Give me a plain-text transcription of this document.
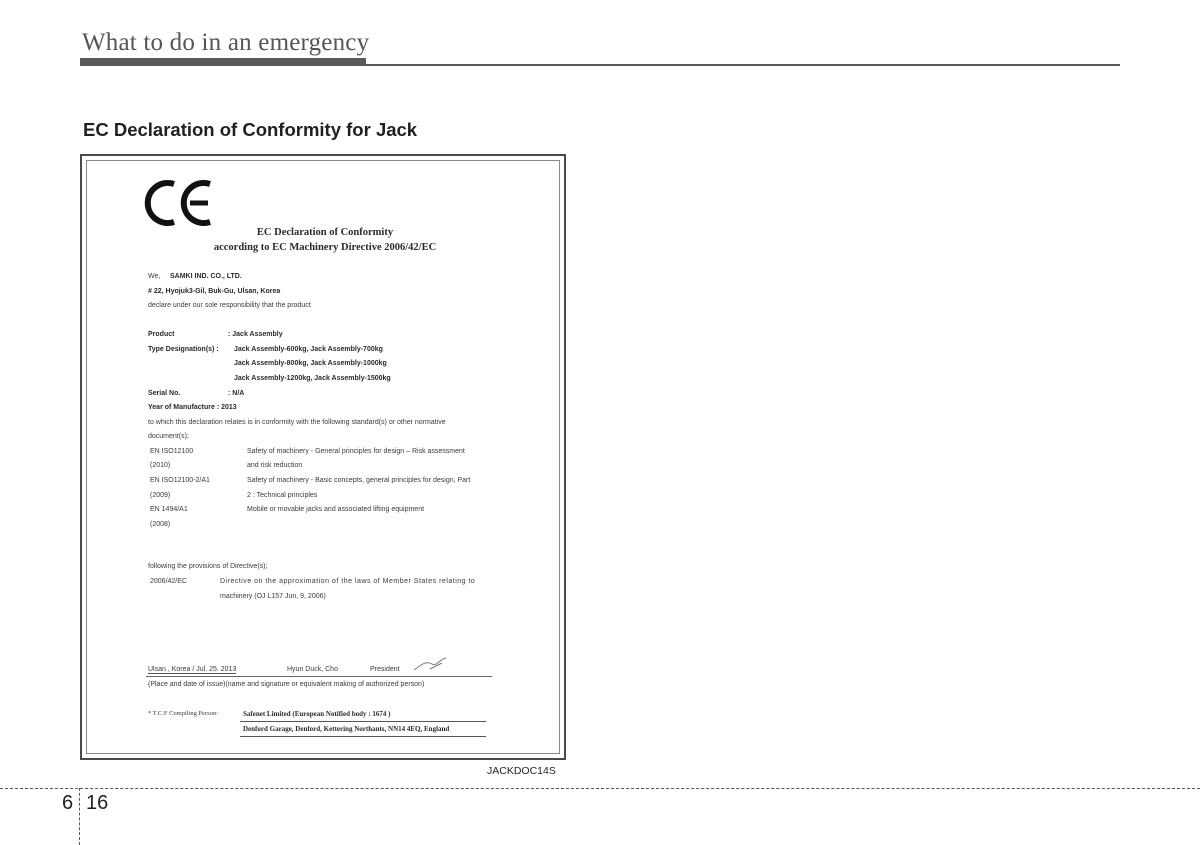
What to do in an emergency
EC Declaration of Conformity for Jack
EC Declaration of Conformity
according to EC Machinery Directive 2006/42/EC
We, SAMKI IND. CO., LTD.
# 22, Hyojuk3-Gil, Buk-Gu, Ulsan, Korea
declare under our sole responsibility that the product
Product	: Jack Assembly
Type Designation(s) : Jack Assembly-600kg, Jack Assembly-700kg
Jack Assembly-800kg, Jack Assembly-1000kg
Jack Assembly-1200kg, Jack Assembly-1500kg
Serial No.	: N/A
Year of Manufacture : 2013
to which this declaration relates is in conformity with the following standard(s) or other normative
document(s);
EN ISO12100	Safety of machinery - General principles for design – Risk assessment
(2010)	and risk reduction
EN ISO12100-2/A1	Safety of machinery - Basic concepts, general principles for design, Part
(2009)	2 : Technical principles
EN 1494/A1	Mobile or movable jacks and associated lifting equipment
(2008)
following the provisions of Directive(s);
2006/42/EC	Directive on the approximation of the laws of Member States relating to
machinery (OJ L157 Jun, 9, 2006)
Ulsan , Korea / Jul. 25. 2013	Hyun Duck, Cho	President
(Place and date of issue)(name and signature or equivalent making of authorized person)
* T.C.F Compiling Person:	Safenet Limited (European Notified body : 1674 )
Denford Garage, Denford, Kettering Northants, NN14 4EQ, England
JACKDOC14S
6 16
